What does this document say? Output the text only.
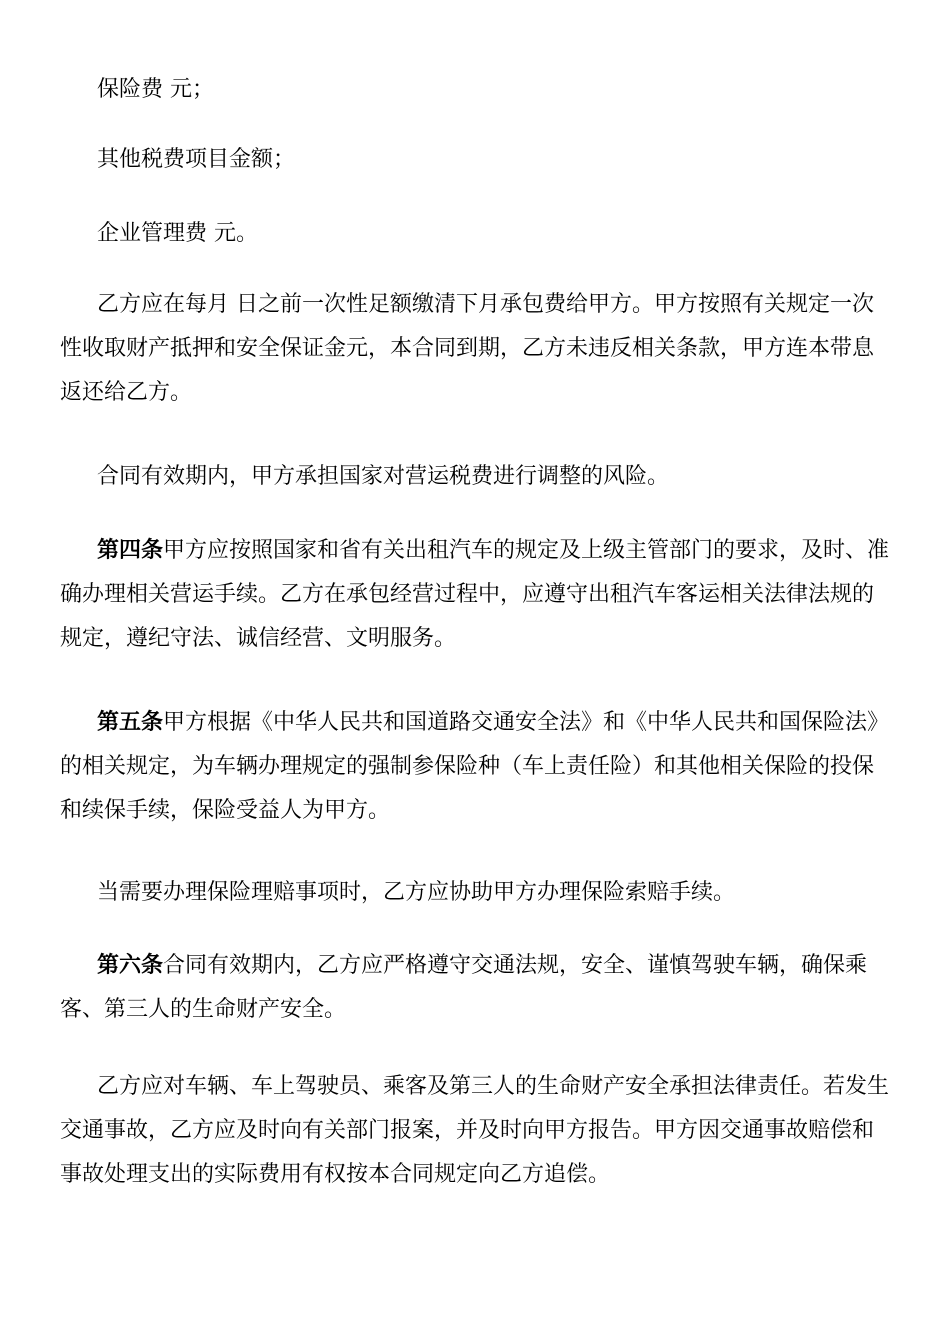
保险费 元；

其他税费项目金额；

企业管理费 元。

乙方应在每月 日之前一次性足额缴清下月承包费给甲方。甲方按照有关规定一次性收取财产抵押和安全保证金元，本合同到期，乙方未违反相关条款，甲方连本带息返还给乙方。

合同有效期内，甲方承担国家对营运税费进行调整的风险。

第四条甲方应按照国家和省有关出租汽车的规定及上级主管部门的要求，及时、准确办理相关营运手续。乙方在承包经营过程中，应遵守出租汽车客运相关法律法规的规定，遵纪守法、诚信经营、文明服务。

第五条甲方根据《中华人民共和国道路交通安全法》和《中华人民共和国保险法》的相关规定，为车辆办理规定的强制参保险种（车上责任险）和其他相关保险的投保和续保手续，保险受益人为甲方。

当需要办理保险理赔事项时，乙方应协助甲方办理保险索赔手续。

第六条合同有效期内，乙方应严格遵守交通法规，安全、谨慎驾驶车辆，确保乘客、第三人的生命财产安全。

乙方应对车辆、车上驾驶员、乘客及第三人的生命财产安全承担法律责任。若发生交通事故，乙方应及时向有关部门报案，并及时向甲方报告。甲方因交通事故赔偿和事故处理支出的实际费用有权按本合同规定向乙方追偿。
